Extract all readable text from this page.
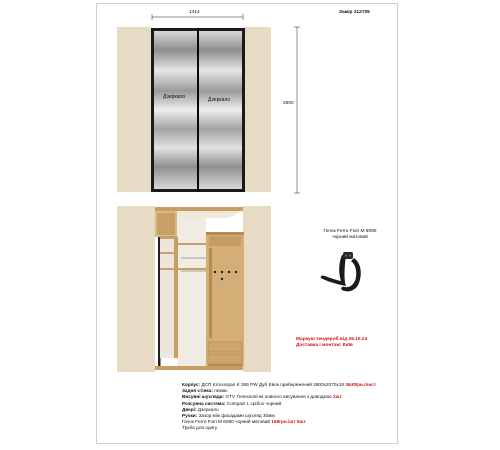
Замір 212705
1414
2600
Дзеркало	Дзеркало
Гачок Ferro Fiori M 6090
чорний матовий
Маркую тендероб від 26.10.24
Доставка і монтаж: Київ
Корпус: ДСП Kronospan K 365 PW Дуб Евок прибережений 2800х2070х18 364Фрн./лист
Задня стінка: немає
Висувні шухляди: GTV Телескопічні повного висування з доводкою 2шт.
Розсувна система: Compact L срібло чорний
Двері: Дзеркало
Ручки: Зазор між фасадами шухляд 30мм
Гачок Ferro Fiori M 6090 чорний матовий 168грн./шт 5шт.
Труба для одягу
